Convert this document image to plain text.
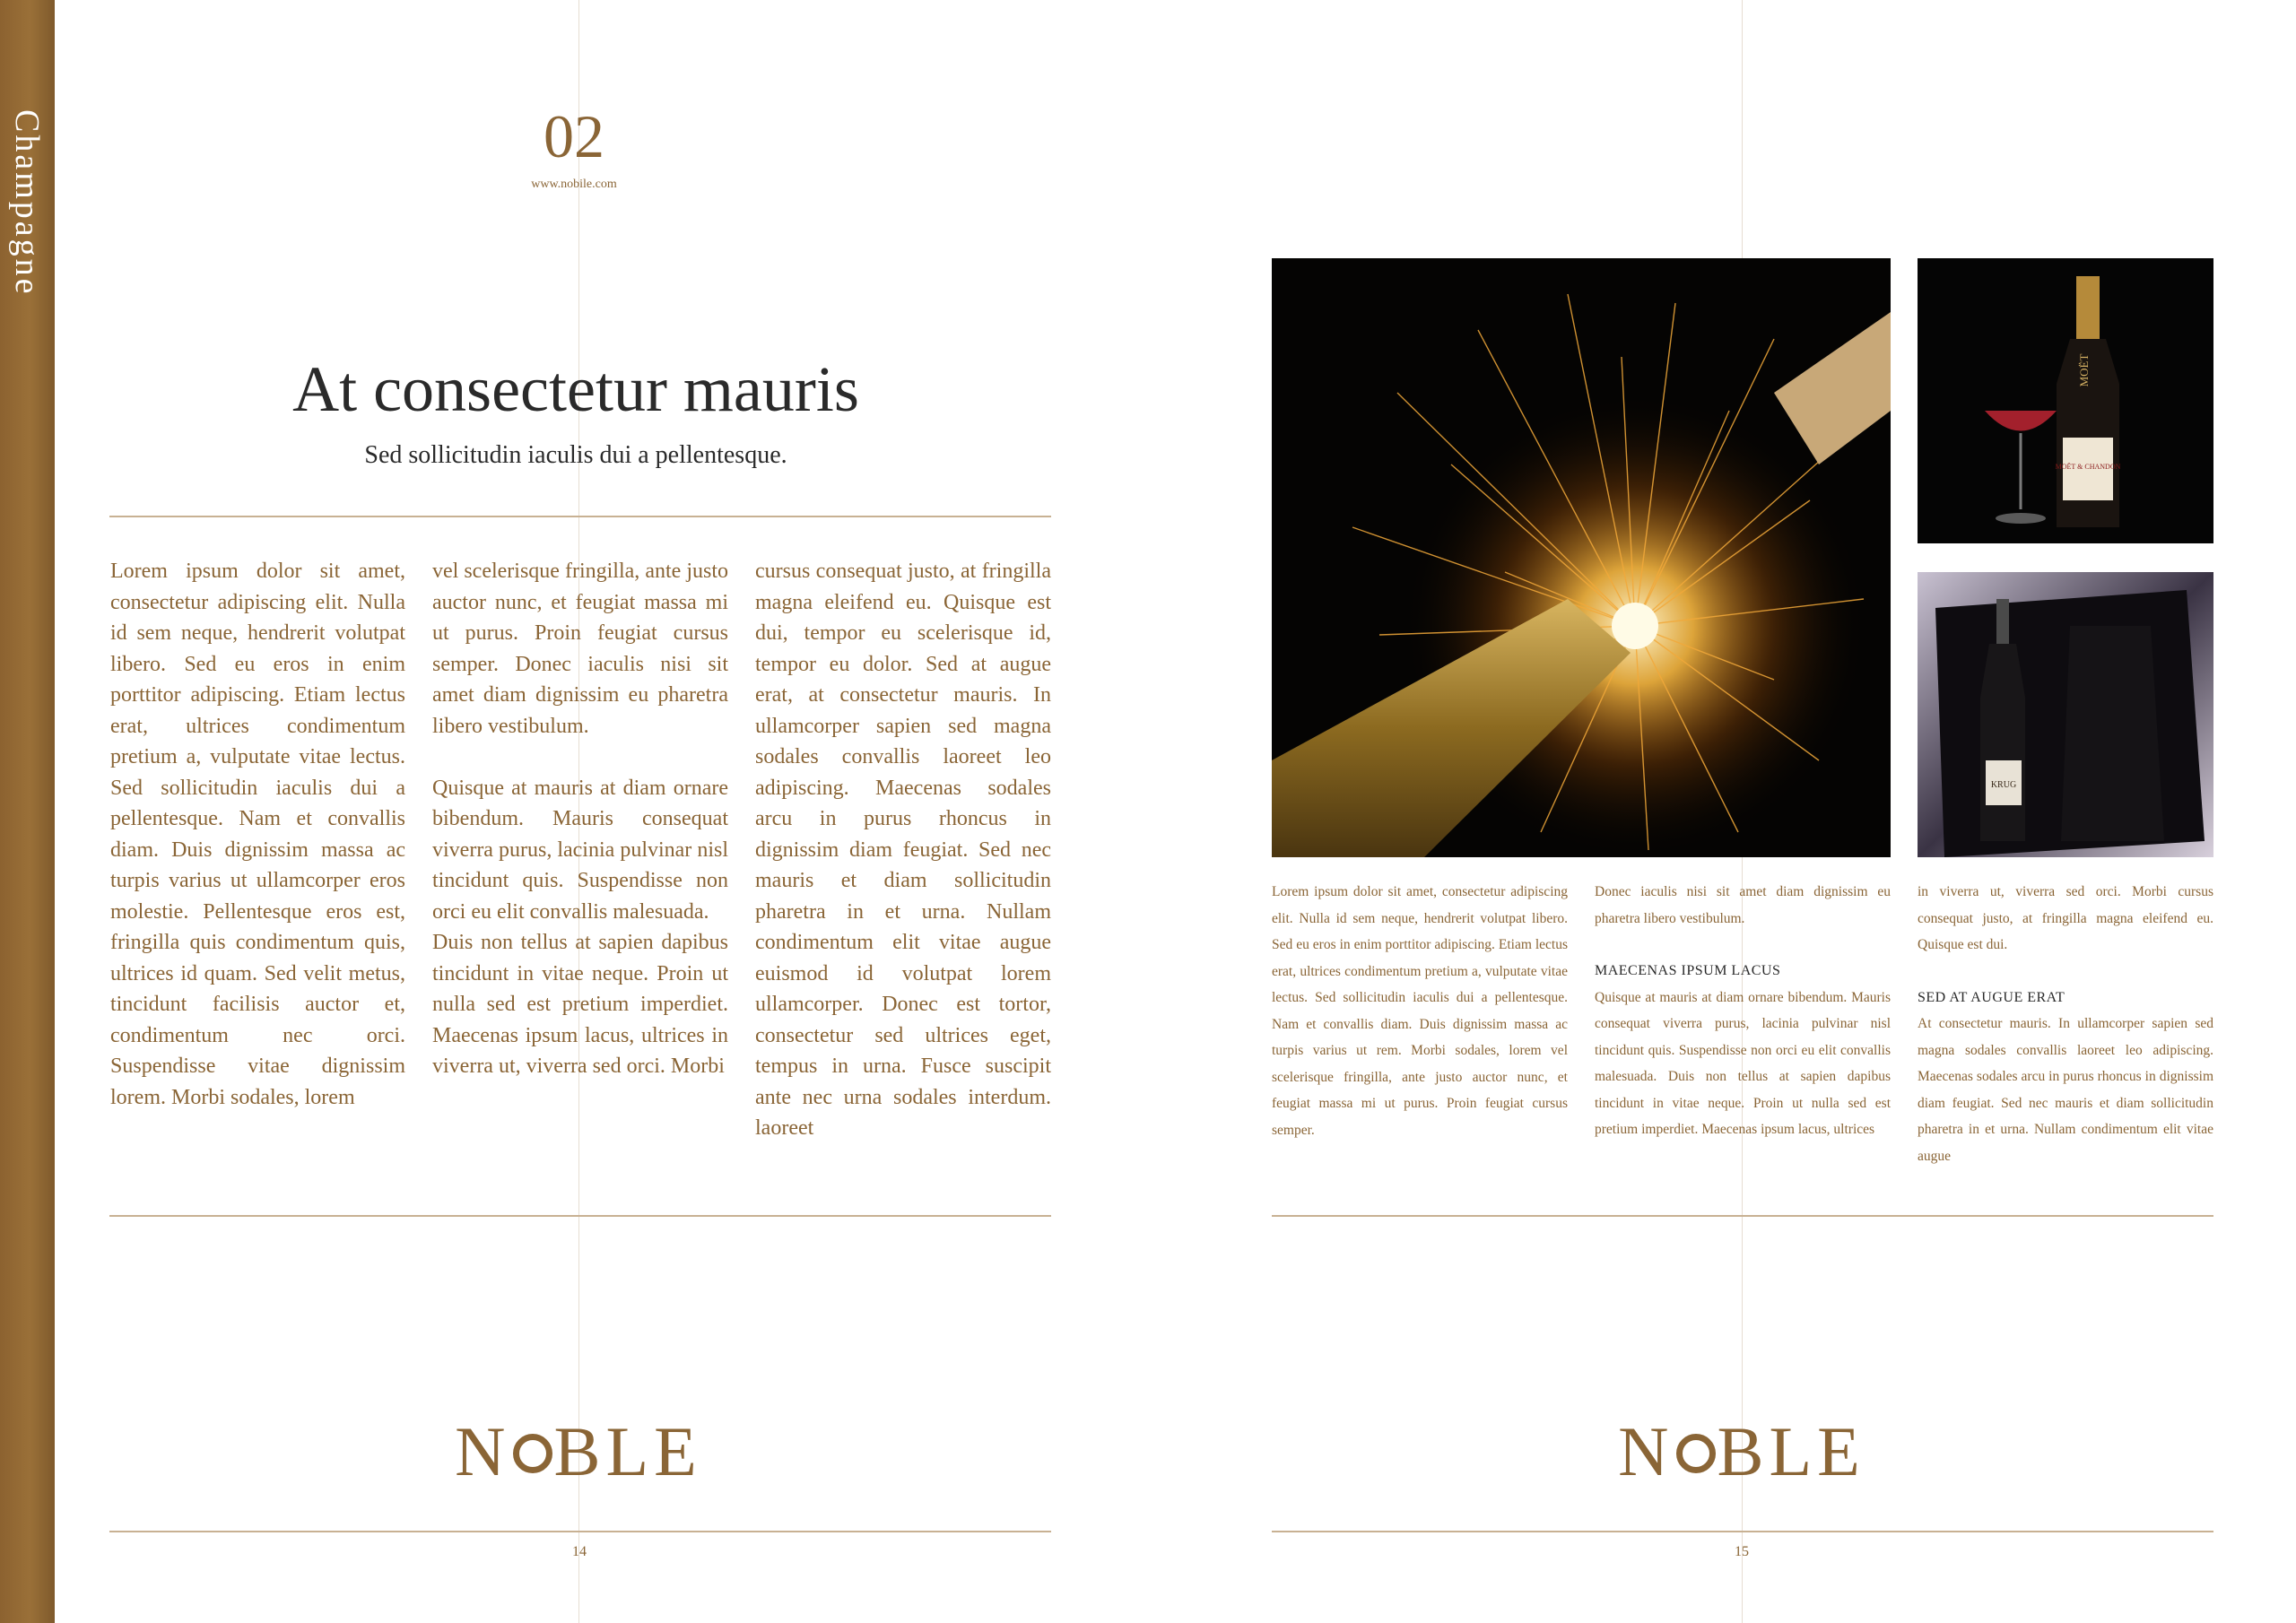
Champagne	02
www.nobile.com
At consectetur mauris
Sed sollicitudin iaculis dui a pellentesque.

Lorem ipsum dolor sit amet, consectetur adipiscing elit. Nulla id sem neque, hendrerit volutpat libero. Sed eu eros in enim porttitor adipiscing. Etiam lectus erat, ultrices condimentum pretium a, vulputate vitae lectus. Sed sollicitudin iaculis dui a pellentesque. Nam et convallis diam. Duis dignissim massa ac turpis varius ut ullamcorper eros molestie. Pellentesque eros est, fringilla quis condimentum quis, ultrices id quam. Sed velit metus, tincidunt facilisis auctor et, condimentum nec orci. Suspendisse vitae dignissim lorem. Morbi sodales, lorem

vel scelerisque fringilla, ante justo auctor nunc, et feugiat massa mi ut purus. Proin feugiat cursus semper. Donec iaculis nisi sit amet diam dignissim eu pharetra libero vestibulum.

Quisque at mauris at diam ornare bibendum. Mauris consequat viverra purus, lacinia pulvinar nisl tincidunt quis. Suspendisse non orci eu elit convallis malesuada.

Duis non tellus at sapien dapibus tincidunt in vitae neque. Proin ut nulla sed est pretium imperdiet. Maecenas ipsum lacus, ultrices in viverra ut, viverra sed orci. Morbi

cursus consequat justo, at fringilla magna eleifend eu. Quisque est dui, tempor eu scelerisque id, tempor eu dolor. Sed at augue erat, at consectetur mauris. In ullamcorper sapien sed magna sodales convallis laoreet leo adipiscing. Maecenas sodales arcu in purus rhoncus in dignissim diam feugiat. Sed nec mauris et diam sollicitudin pharetra in et urna. Nullam condimentum elit vitae augue euismod id volutpat lorem ullamcorper. Donec est tortor, consectetur sed ultrices eget, tempus in urna. Fusce suscipit ante nec urna sodales interdum. laoreet

N BLE
14
MOËT & CHANDON
MOËT
KRUG

Lorem ipsum dolor sit amet, consectetur adipiscing elit. Nulla id sem neque, hendrerit volutpat libero. Sed eu eros in enim porttitor adipiscing. Etiam lectus erat, ultrices condimentum pretium a, vulputate vitae lectus. Sed sollicitudin iaculis dui a pellentesque. Nam et convallis diam. Duis dignissim massa ac turpis varius ut rem. Morbi sodales, lorem vel scelerisque fringilla, ante justo auctor nunc, et feugiat massa mi ut purus. Proin feugiat cursus semper.

Donec iaculis nisi sit amet diam dignissim eu pharetra libero vestibulum.

MAECENAS IPSUM LACUS

Quisque at mauris at diam ornare bibendum. Mauris consequat viverra purus, lacinia pulvinar nisl tincidunt quis. Suspendisse non orci eu elit convallis malesuada. Duis non tellus at sapien dapibus tincidunt in vitae neque. Proin ut nulla sed est pretium imperdiet. Maecenas ipsum lacus, ultrices

in viverra ut, viverra sed orci. Morbi cursus consequat justo, at fringilla magna eleifend eu. Quisque est dui.

SED AT AUGUE ERAT

At consectetur mauris. In ullamcorper sapien sed magna sodales convallis laoreet leo adipiscing. Maecenas sodales arcu in purus rhoncus in dignissim diam feugiat. Sed nec mauris et diam sollicitudin pharetra in et urna. Nullam condimentum elit vitae augue

N BLE
15
